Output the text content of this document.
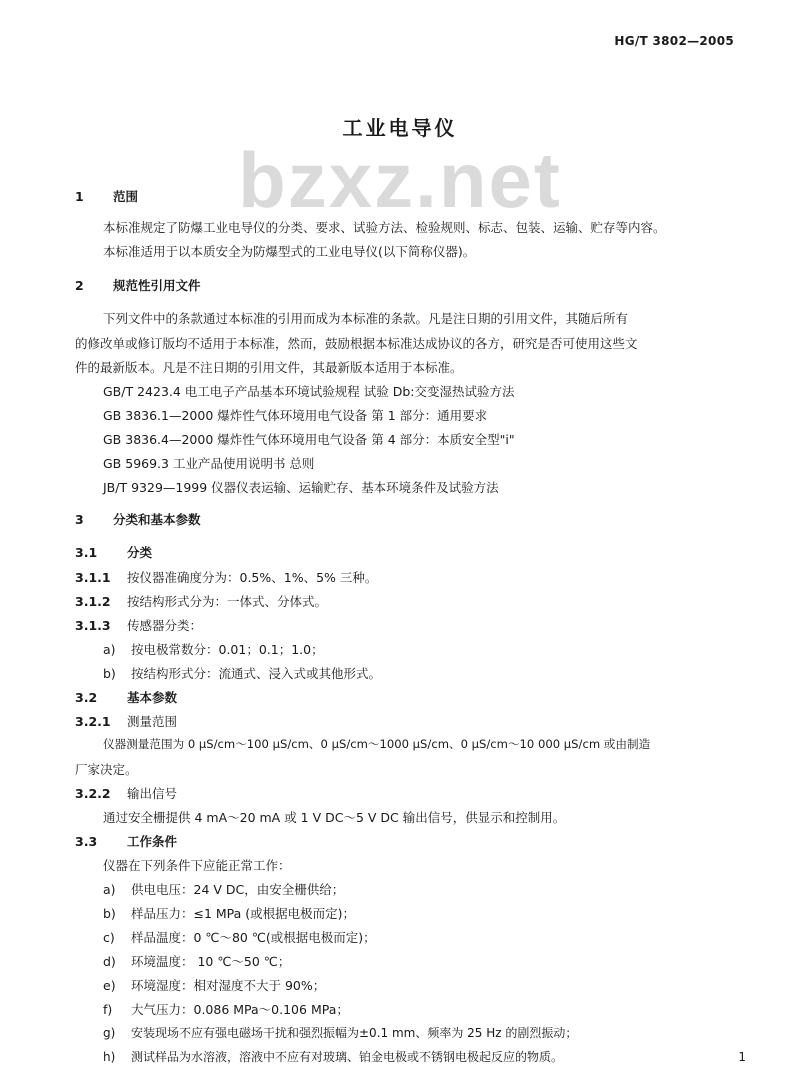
HG/T 3802—2005
bzxz.net
工业电导仪
1 范围
本标准规定了防爆工业电导仪的分类、要求、试验方法、检验规则、标志、包装、运输、贮存等内容。
本标准适用于以本质安全为防爆型式的工业电导仪(以下简称仪器)。
2 规范性引用文件
下列文件中的条款通过本标准的引用而成为本标准的条款。凡是注日期的引用文件，其随后所有
的修改单或修订版均不适用于本标准，然而，鼓励根据本标准达成协议的各方，研究是否可使用这些文
件的最新版本。凡是不注日期的引用文件，其最新版本适用于本标准。
GB/T 2423.4 电工电子产品基本环境试验规程 试验 Db:交变湿热试验方法
GB 3836.1—2000 爆炸性气体环境用电气设备 第 1 部分：通用要求
GB 3836.4—2000 爆炸性气体环境用电气设备 第 4 部分：本质安全型"i"
GB 5969.3 工业产品使用说明书 总则
JB/T 9329—1999 仪器仪表运输、运输贮存、基本环境条件及试验方法
3 分类和基本参数
3.1 分类
3.1.1 按仪器准确度分为：0.5%、1%、5% 三种。
3.1.2 按结构形式分为：一体式、分体式。
3.1.3 传感器分类：
a) 按电极常数分：0.01；0.1；1.0；
b) 按结构形式分：流通式、浸入式或其他形式。
3.2 基本参数
3.2.1 测量范围
仪器测量范围为 0 μS/cm～100 μS/cm、0 μS/cm～1000 μS/cm、0 μS/cm～10 000 μS/cm 或由制造
厂家决定。
3.2.2 输出信号
通过安全栅提供 4 mA～20 mA 或 1 V DC～5 V DC 输出信号，供显示和控制用。
3.3 工作条件
仪器在下列条件下应能正常工作：
a) 供电电压：24 V DC，由安全栅供给；
b) 样品压力：≤1 MPa (或根据电极而定)；
c) 样品温度：0 ℃～80 ℃(或根据电极而定)；
d) 环境温度： 10 ℃～50 ℃；
e) 环境湿度：相对湿度不大于 90%；
f) 大气压力：0.086 MPa～0.106 MPa；
g) 安装现场不应有强电磁场干扰和强烈振幅为±0.1 mm、频率为 25 Hz 的剧烈振动；
h) 测试样品为水溶液，溶液中不应有对玻璃、铂金电极或不锈钢电极起反应的物质。	1
